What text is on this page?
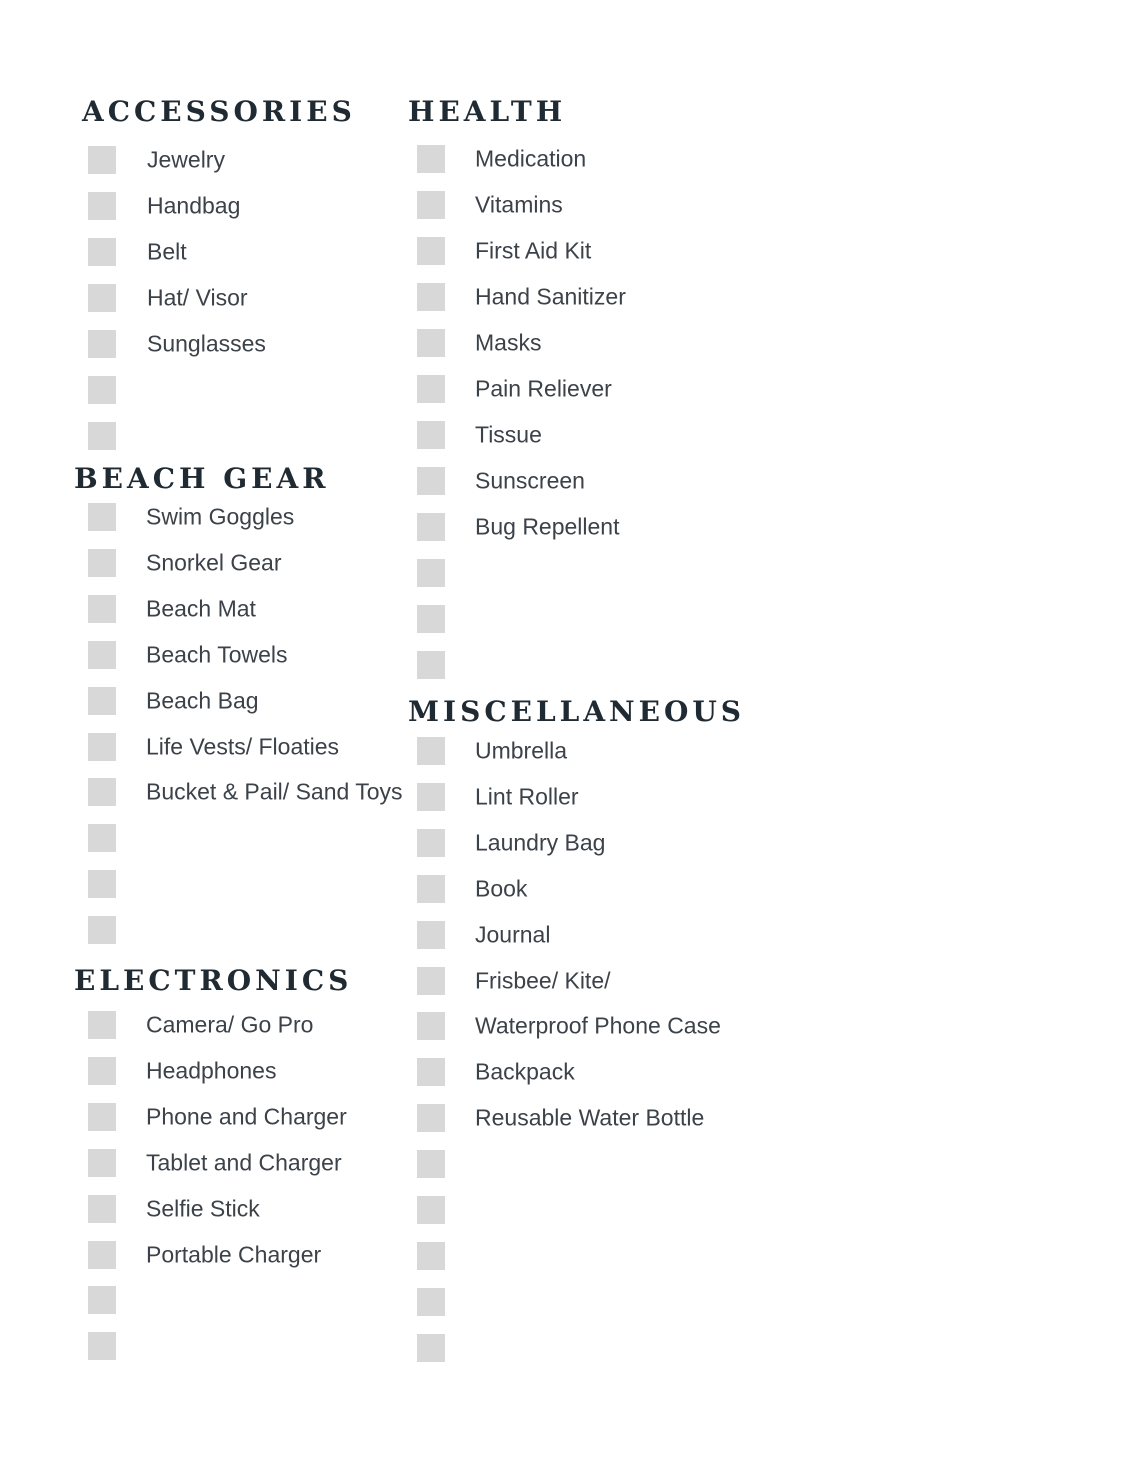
ACCESSORIES
Jewelry
Handbag
Belt
Hat/ Visor
Sunglasses
BEACH GEAR
Swim Goggles
Snorkel Gear
Beach Mat
Beach Towels
Beach Bag
Life Vests/ Floaties
Bucket & Pail/ Sand Toys
ELECTRONICS
Camera/ Go Pro
Headphones
Phone and Charger
Tablet and Charger
Selfie Stick
Portable Charger
HEALTH
Medication
Vitamins
First Aid Kit
Hand Sanitizer
Masks
Pain Reliever
Tissue
Sunscreen
Bug Repellent
MISCELLANEOUS
Umbrella
Lint Roller
Laundry Bag
Book
Journal
Frisbee/ Kite/
Waterproof Phone Case
Backpack
Reusable Water Bottle
